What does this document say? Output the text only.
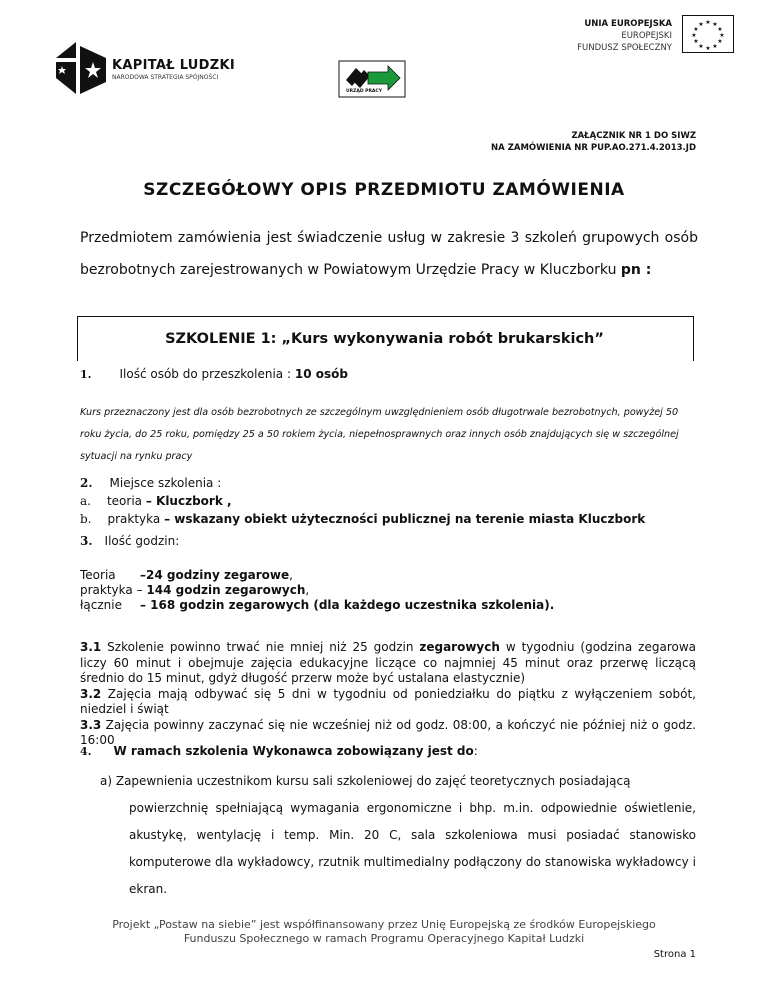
KAPITAŁ LUDZKI
NARODOWA STRATEGIA SPÓJNOŚCI
URZĄD PRACY
UNIA EUROPEJSKA
EUROPEJSKI
FUNDUSZ SPOŁECZNY
★ ★
★
★
★
★
★
★
★
★
★
★
ZAŁĄCZNIK NR 1 DO SIWZ
NA ZAMÓWIENIA NR PUP.AO.271.4.2013.JD
SZCZEGÓŁOWY OPIS PRZEDMIOTU ZAMÓWIENIA
Przedmiotem zamówienia jest świadczenie usług w zakresie 3 szkoleń grupowych osób bezrobotnych zarejestrowanych w Powiatowym Urzędzie Pracy w Kluczborku pn :
SZKOLENIE 1: „Kurs wykonywania robót brukarskich”
1. Ilość osób do przeszkolenia : 10 osób
Kurs przeznaczony jest dla osób bezrobotnych ze szczególnym uwzględnieniem osób długotrwale bezrobotnych, powyżej 50 roku życia, do 25 roku, pomiędzy 25 a 50 rokiem życia, niepełnosprawnych oraz innych osób znajdujących się w szczególnej sytuacji na rynku pracy
2. Miejsce szkolenia :
a. teoria – Kluczbork ,
b. praktyka – wskazany obiekt użyteczności publicznej na terenie miasta Kluczbork
3. Ilość godzin:
Teoria –24 godziny zegarowe,
praktyka – 144 godzin zegarowych,
łącznie – 168 godzin zegarowych (dla każdego uczestnika szkolenia).
3.1 Szkolenie powinno trwać nie mniej niż 25 godzin zegarowych w tygodniu (godzina zegarowa liczy 60 minut i obejmuje zajęcia edukacyjne liczące co najmniej 45 minut oraz przerwę liczącą średnio do 15 minut, gdyż długość przerw może być ustalana elastycznie)
3.2 Zajęcia mają odbywać się 5 dni w tygodniu od poniedziałku do piątku z wyłączeniem sobót, niedziel i świąt
3.3 Zajęcia powinny zaczynać się nie wcześniej niż od godz. 08:00, a kończyć nie później niż o godz. 16:00
4. W ramach szkolenia Wykonawca zobowiązany jest do:
a) Zapewnienia uczestnikom kursu sali szkoleniowej do zajęć teoretycznych posiadającą
powierzchnię spełniającą wymagania ergonomiczne i bhp. m.in. odpowiednie oświetlenie, akustykę, wentylację i temp. Min. 20 C, sala szkoleniowa musi posiadać stanowisko komputerowe dla wykładowcy, rzutnik multimedialny podłączony do stanowiska wykładowcy i ekran.
Projekt „Postaw na siebie” jest współfinansowany przez Unię Europejską ze środków Europejskiego
Funduszu Społecznego w ramach Programu Operacyjnego Kapitał Ludzki
Strona 1
